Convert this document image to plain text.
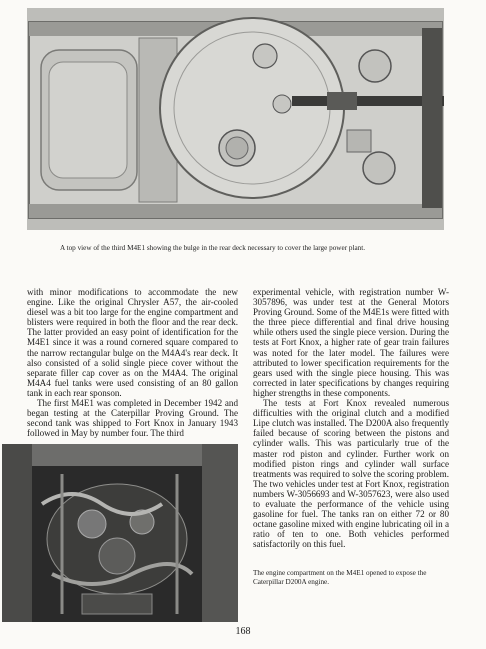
A top view of the third M4E1 showing the bulge in the rear deck necessary to cover the large power plant.

with minor modifications to accommodate the new engine. Like the original Chrysler A57, the air-cooled diesel was a bit too large for the engine compartment and blisters were required in both the floor and the rear deck. The latter provided an easy point of identification for the M4E1 since it was a round cornered square compared to the narrow rectangular bulge on the M4A4's rear deck. It also consisted of a solid single piece cover without the separate filler cap cover as on the M4A4. The original M4A4 fuel tanks were used consisting of an 80 gallon tank in each rear sponson.

The first M4E1 was completed in December 1942 and began testing at the Caterpillar Proving Ground. The second tank was shipped to Fort Knox in January 1943 followed in May by number four. The third

experimental vehicle, with registration number W-3057896, was under test at the General Motors Proving Ground. Some of the M4E1s were fitted with the three piece differential and final drive housing while others used the single piece version. During the tests at Fort Knox, a higher rate of gear train failures was noted for the later model. The failures were attributed to lower specification requirements for the gears used with the single piece housing. This was corrected in later specifications by changes requiring higher strengths in these components.

The tests at Fort Knox revealed numerous difficulties with the original clutch and a modified Lipe clutch was installed. The D200A also frequently failed because of scoring between the pistons and cylinder walls. This was particularly true of the master rod piston and cylinder. Further work on modified piston rings and cylinder wall surface treatments was required to solve the scoring problem. The two vehicles under test at Fort Knox, registration numbers W-3056693 and W-3057623, were also used to evaluate the performance of the vehicle using gasoline for fuel. The tanks ran on either 72 or 80 octane gasoline mixed with engine lubricating oil in a ratio of ten to one. Both vehicles performed satisfactorily on this fuel.

The engine compartment on the M4E1 opened to expose the Caterpillar D200A engine.
168
